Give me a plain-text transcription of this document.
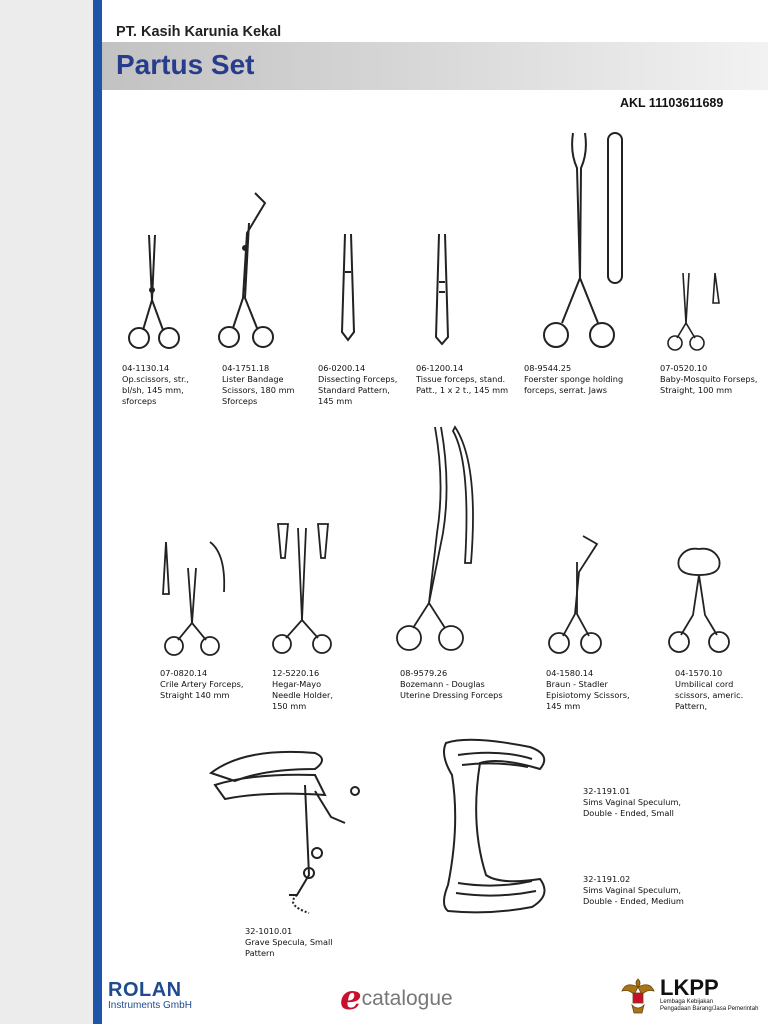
PT. Kasih Karunia Kekal
Partus Set
AKL 11103611689
04-1130.14
Op.scissors, str.,
bl/sh, 145 mm,
sforceps
04-1751.18
Lister Bandage
Scissors, 180 mm
Sforceps
06-0200.14
Dissecting Forceps,
Standard Pattern,
145 mm
06-1200.14
Tissue forceps, stand.
Patt., 1 x 2 t., 145 mm
08-9544.25
Foerster sponge holding
forceps, serrat. Jaws
07-0520.10
Baby-Mosquito Forseps,
Straight, 100 mm
07-0820.14
Crile Artery Forceps,
Straight 140 mm
12-5220.16
Hegar-Mayo
Needle Holder,
150 mm
08-9579.26
Bozemann - Douglas
Uterine Dressing Forceps
04-1580.14
Braun - Stadler
Episiotomy Scissors,
145 mm
04-1570.10
Umbilical cord
scissors, americ.
Pattern,
32-1010.01
Grave Specula, Small
Pattern
32-1191.01
Sims Vaginal Speculum,
Double - Ended, Small
32-1191.02
Sims Vaginal Speculum,
Double - Ended, Medium
ROLAN
Instruments GmbH	ecatalogue	LKPP
Lembaga Kebijakan
Pengadaan Barang/Jasa Pemerintah
